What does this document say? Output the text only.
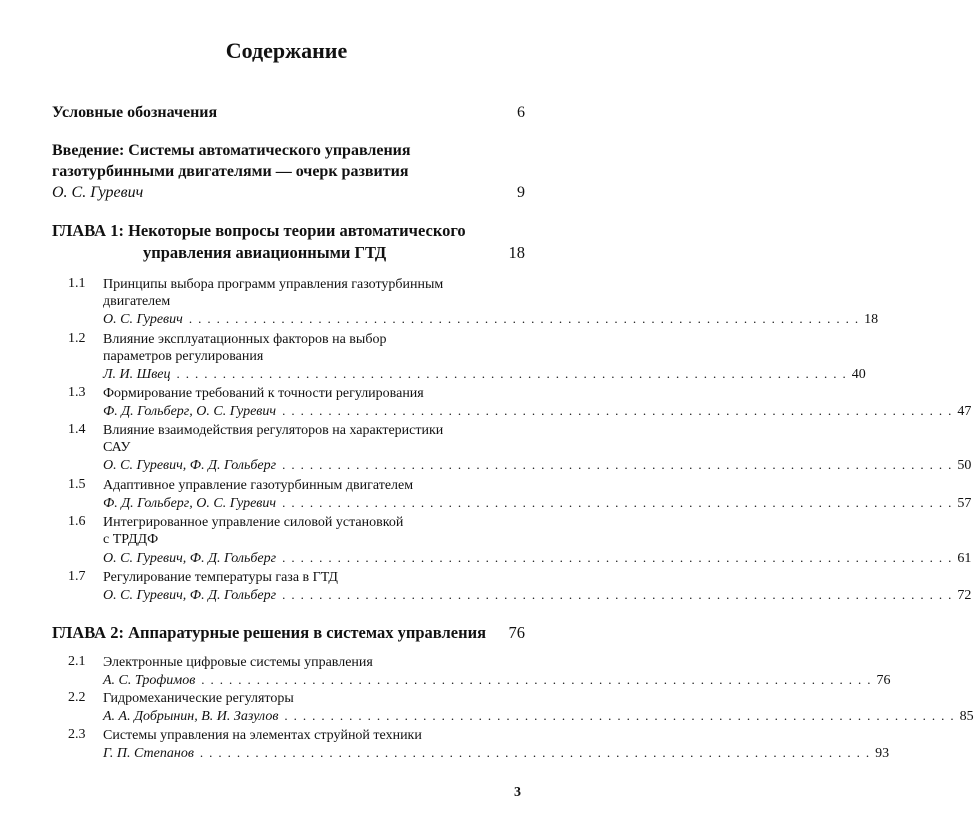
Содержание
Условные обозначения	6
Введение: Системы автоматического управления
газотурбинными двигателями — очерк развития
О. С. Гуревич	9
ГЛАВА 1: Некоторые вопросы теории автоматического
управления авиационными ГТД	18
1.1	Принципы выбора программ управления газотурбинным
двигателем
О. С. Гуревич ......................................................................... 18
1.2	Влияние эксплуатационных факторов на выбор
параметров регулирования
Л. И. Швец ......................................................................... 40
1.3	Формирование требований к точности регулирования
Ф. Д. Гольберг, О. С. Гуревич ......................................................................... 47
1.4	Влияние взаимодействия регуляторов на характеристики
САУ
О. С. Гуревич, Ф. Д. Гольберг ......................................................................... 50
1.5	Адаптивное управление газотурбинным двигателем
Ф. Д. Гольберг, О. С. Гуревич ......................................................................... 57
1.6	Интегрированное управление силовой установкой
с ТРДДФ
О. С. Гуревич, Ф. Д. Гольберг ......................................................................... 61
1.7	Регулирование температуры газа в ГТД
О. С. Гуревич, Ф. Д. Гольберг ......................................................................... 72
ГЛАВА 2: Аппаратурные решения в системах управления 76
2.1	Электронные цифровые системы управления
А. С. Трофимов ......................................................................... 76
2.2	Гидромеханические регуляторы
А. А. Добрынин, В. И. Зазулов ......................................................................... 85
2.3	Системы управления на элементах струйной техники
Г. П. Степанов ......................................................................... 93
3
